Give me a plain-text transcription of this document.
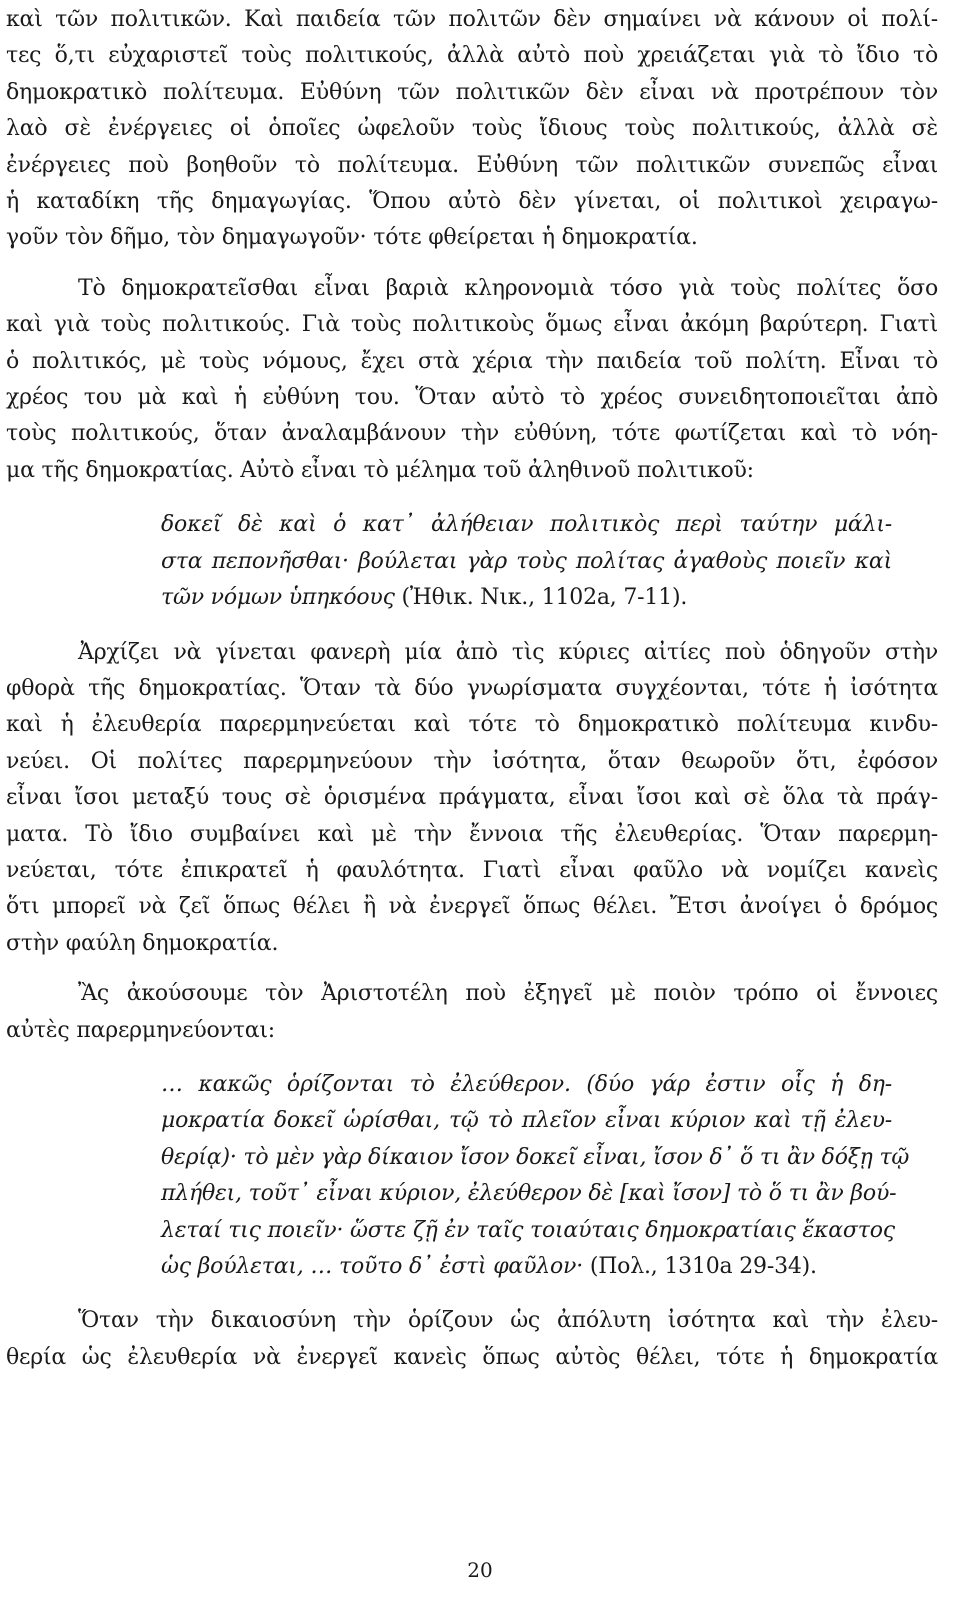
καὶ τῶν πολιτικῶν. Καὶ παιδεία τῶν πολιτῶν δὲν σημαίνει νὰ κάνουν οἱ πολί-
τες ὅ,τι εὐχαριστεῖ τοὺς πολιτικούς, ἀλλὰ αὐτὸ ποὺ χρειάζεται γιὰ τὸ ἴδιο τὸ
δημοκρατικὸ πολίτευμα. Εὐθύνη τῶν πολιτικῶν δὲν εἶναι νὰ προτρέπουν τὸν
λαὸ σὲ ἐνέργειες οἱ ὁποῖες ὠφελοῦν τοὺς ἴδιους τοὺς πολιτικούς, ἀλλὰ σὲ
ἐνέργειες ποὺ βοηθοῦν τὸ πολίτευμα. Εὐθύνη τῶν πολιτικῶν συνεπῶς εἶναι
ἡ καταδίκη τῆς δημαγωγίας. Ὅπου αὐτὸ δὲν γίνεται, οἱ πολιτικοὶ χειραγω-
γοῦν τὸν δῆμο, τὸν δημαγωγοῦν· τότε φθείρεται ἡ δημοκρατία.
Τὸ δημοκρατεῖσθαι εἶναι βαριὰ κληρονομιὰ τόσο γιὰ τοὺς πολίτες ὅσο
καὶ γιὰ τοὺς πολιτικούς. Γιὰ τοὺς πολιτικοὺς ὅμως εἶναι ἀκόμη βαρύτερη. Γιατὶ
ὁ πολιτικός, μὲ τοὺς νόμους, ἔχει στὰ χέρια τὴν παιδεία τοῦ πολίτη. Εἶναι τὸ
χρέος του μὰ καὶ ἡ εὐθύνη του. Ὅταν αὐτὸ τὸ χρέος συνειδητοποιεῖται ἀπὸ
τοὺς πολιτικούς, ὅταν ἀναλαμβάνουν τὴν εὐθύνη, τότε φωτίζεται καὶ τὸ νόη-
μα τῆς δημοκρατίας. Αὐτὸ εἶναι τὸ μέλημα τοῦ ἀληθινοῦ πολιτικοῦ:
δοκεῖ δὲ καὶ ὁ κατ᾽ ἀλήθειαν πολιτικὸς περὶ ταύτην μάλι-
στα πεπονῆσθαι· βούλεται γὰρ τοὺς πολίτας ἀγαθοὺς ποιεῖν καὶ
τῶν νόμων ὑπηκόους (Ἠθικ. Νικ., 1102a, 7-11).
Ἀρχίζει νὰ γίνεται φανερὴ μία ἀπὸ τὶς κύριες αἰτίες ποὺ ὁδηγοῦν στὴν
φθορὰ τῆς δημοκρατίας. Ὅταν τὰ δύο γνωρίσματα συγχέονται, τότε ἡ ἰσότητα
καὶ ἡ ἐλευθερία παρερμηνεύεται καὶ τότε τὸ δημοκρατικὸ πολίτευμα κινδυ-
νεύει. Οἱ πολίτες παρερμηνεύουν τὴν ἰσότητα, ὅταν θεωροῦν ὅτι, ἐφόσον
εἶναι ἴσοι μεταξύ τους σὲ ὁρισμένα πράγματα, εἶναι ἴσοι καὶ σὲ ὅλα τὰ πράγ-
ματα. Τὸ ἴδιο συμβαίνει καὶ μὲ τὴν ἔννοια τῆς ἐλευθερίας. Ὅταν παρερμη-
νεύεται, τότε ἐπικρατεῖ ἡ φαυλότητα. Γιατὶ εἶναι φαῦλο νὰ νομίζει κανεὶς
ὅτι μπορεῖ νὰ ζεῖ ὅπως θέλει ἢ νὰ ἐνεργεῖ ὅπως θέλει. Ἔτσι ἀνοίγει ὁ δρόμος
στὴν φαύλη δημοκρατία.
Ἂς ἀκούσουμε τὸν Ἀριστοτέλη ποὺ ἐξηγεῖ μὲ ποιὸν τρόπο οἱ ἔννοιες
αὐτὲς παρερμηνεύονται:
… κακῶς ὁρίζονται τὸ ἐλεύθερον. (δύο γάρ ἐστιν οἷς ἡ δη-
μοκρατία δοκεῖ ὡρίσθαι, τῷ τὸ πλεῖον εἶναι κύριον καὶ τῇ ἐλευ-
θερίᾳ)· τὸ μὲν γὰρ δίκαιον ἴσον δοκεῖ εἶναι, ἴσον δ᾽ ὅ τι ἂν δόξῃ τῷ
πλήθει, τοῦτ᾽ εἶναι κύριον, ἐλεύθερον δὲ [καὶ ἴσον] τὸ ὅ τι ἂν βού-
λεταί τις ποιεῖν· ὥστε ζῇ ἐν ταῖς τοιαύταις δημοκρατίαις ἕκαστος
ὡς βούλεται, … τοῦτο δ᾽ ἐστὶ φαῦλον· (Πολ., 1310a 29-34).
Ὅταν τὴν δικαιοσύνη τὴν ὁρίζουν ὡς ἀπόλυτη ἰσότητα καὶ τὴν ἐλευ-
θερία ὡς ἐλευθερία νὰ ἐνεργεῖ κανεὶς ὅπως αὐτὸς θέλει, τότε ἡ δημοκρατία
20
